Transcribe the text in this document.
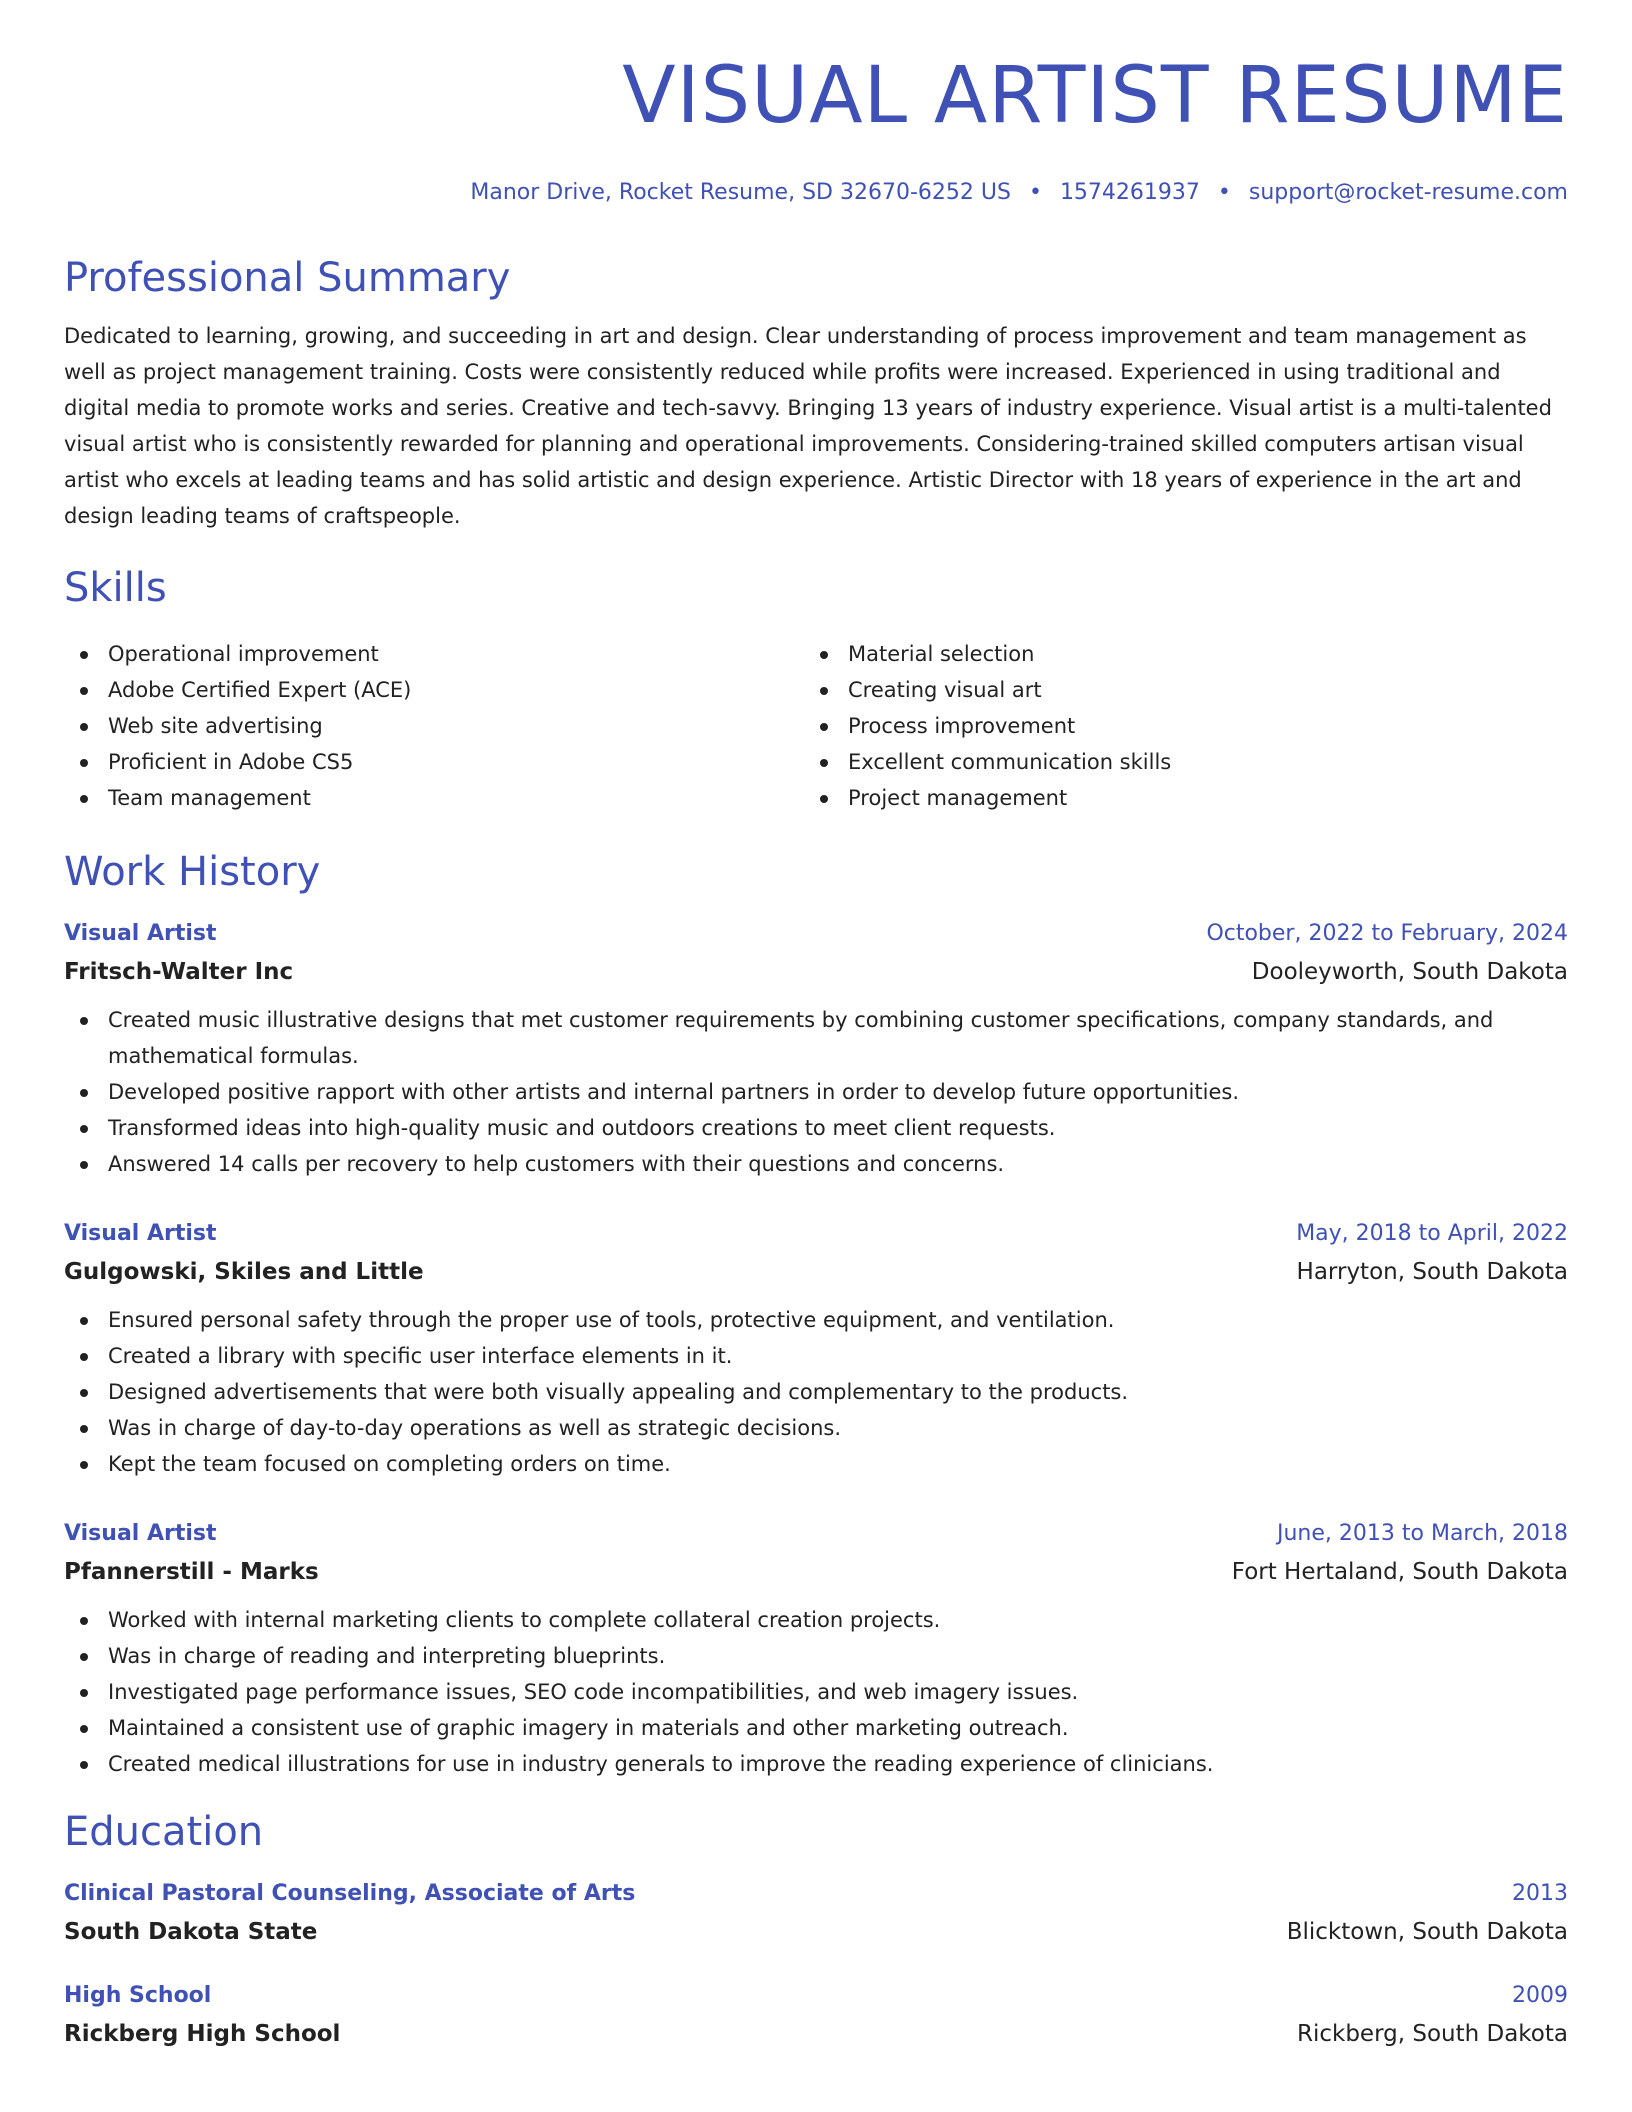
VISUAL ARTIST RESUME
Manor Drive, Rocket Resume, SD 32670-6252 US • 1574261937 • support@rocket-resume.com
Professional Summary
Dedicated to learning, growing, and succeeding in art and design. Clear understanding of process improvement and team management as well as project management training. Costs were consistently reduced while profits were increased. Experienced in using traditional and digital media to promote works and series. Creative and tech-savvy. Bringing 13 years of industry experience. Visual artist is a multi-talented visual artist who is consistently rewarded for planning and operational improvements. Considering-trained skilled computers artisan visual artist who excels at leading teams and has solid artistic and design experience. Artistic Director with 18 years of experience in the art and design leading teams of craftspeople.
Skills
Operational improvement
Adobe Certified Expert (ACE)
Web site advertising
Proficient in Adobe CS5
Team management
Material selection
Creating visual art
Process improvement
Excellent communication skills
Project management
Work History
Visual Artist	October, 2022 to February, 2024
Fritsch-Walter Inc	Dooleyworth, South Dakota
Created music illustrative designs that met customer requirements by combining customer specifications, company standards, and mathematical formulas.
Developed positive rapport with other artists and internal partners in order to develop future opportunities.
Transformed ideas into high-quality music and outdoors creations to meet client requests.
Answered 14 calls per recovery to help customers with their questions and concerns.
Visual Artist	May, 2018 to April, 2022
Gulgowski, Skiles and Little	Harryton, South Dakota
Ensured personal safety through the proper use of tools, protective equipment, and ventilation.
Created a library with specific user interface elements in it.
Designed advertisements that were both visually appealing and complementary to the products.
Was in charge of day-to-day operations as well as strategic decisions.
Kept the team focused on completing orders on time.
Visual Artist	June, 2013 to March, 2018
Pfannerstill - Marks	Fort Hertaland, South Dakota
Worked with internal marketing clients to complete collateral creation projects.
Was in charge of reading and interpreting blueprints.
Investigated page performance issues, SEO code incompatibilities, and web imagery issues.
Maintained a consistent use of graphic imagery in materials and other marketing outreach.
Created medical illustrations for use in industry generals to improve the reading experience of clinicians.
Education
Clinical Pastoral Counseling, Associate of Arts	2013
South Dakota State	Blicktown, South Dakota
High School	2009
Rickberg High School	Rickberg, South Dakota
